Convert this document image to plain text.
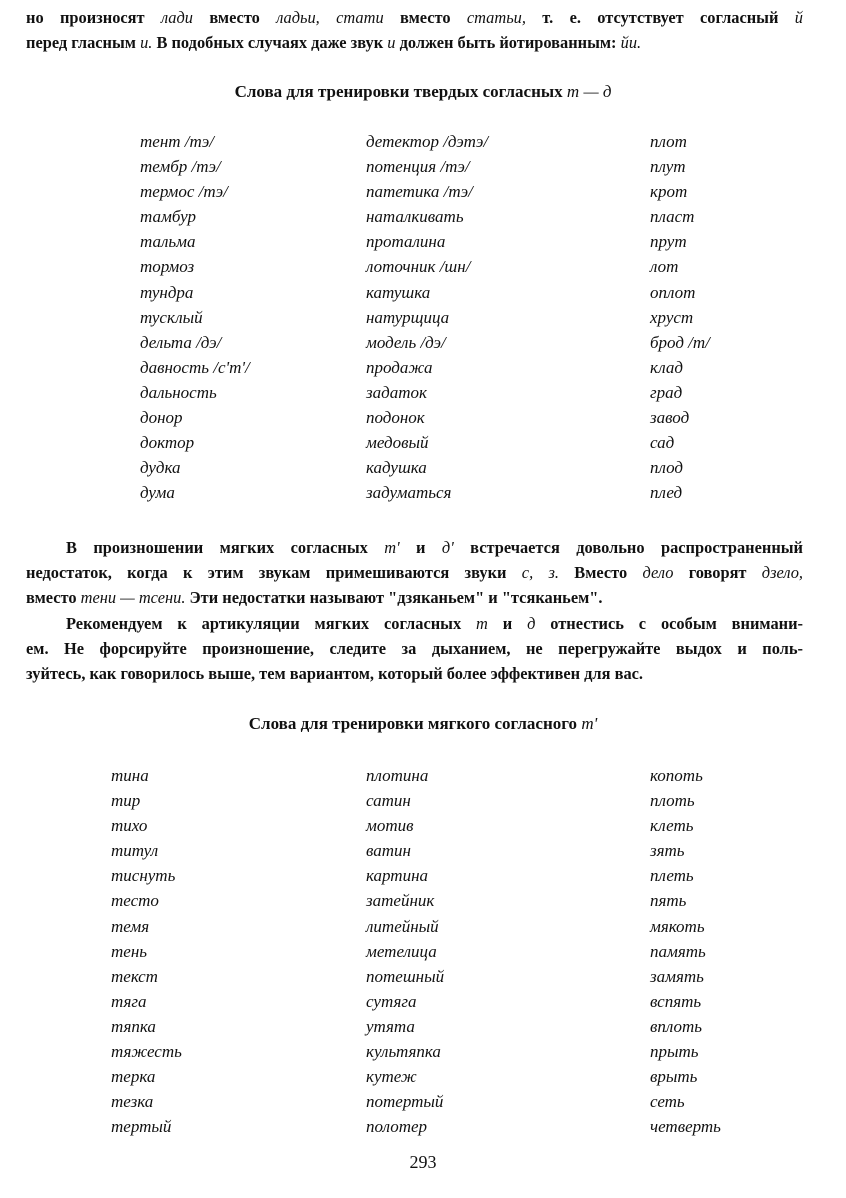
но произносят лади вместо ладьи, стати вместо статьи, т. е. отсутствует согласный й
перед гласным и. В подобных случаях даже звук и должен быть йотированным: йи.

Слова для тренировки твердых согласных т — д
тент /тэ/
тембр /тэ/
термос /тэ/
тамбур
тальма
тормоз
тундра
тусклый
дельта /дэ/
давность /с'т'/
дальность
донор
доктор
дудка
дума
детектор /дэтэ/
потенция /тэ/
патетика /тэ/
наталкивать
проталина
лоточник /шн/
катушка
натурщица
модель /дэ/
продажа
задаток
подонок
медовый
кадушка
задуматься
плот
плут
крот
пласт
прут
лот
оплот
хруст
брод /т/
клад
град
завод
сад
плод
плед

В произношении мягких согласных т' и д' встречается довольно распространенный
недостаток, когда к этим звукам примешиваются звуки с, з. Вместо дело говорят дзело,
вместо тени — тсени. Эти недостатки называют "дзяканьем" и "тсяканьем".

Рекомендуем к артикуляции мягких согласных т и д отнестись с особым внимани-
ем. Не форсируйте произношение, следите за дыханием, не перегружайте выдох и поль-
зуйтесь, как говорилось выше, тем вариантом, который более эффективен для вас.

Слова для тренировки мягкого согласного т'
тина
тир
тихо
титул
тиснуть
тесто
темя
тень
текст
тяга
тяпка
тяжесть
терка
тезка
тертый
плотина
сатин
мотив
ватин
картина
затейник
литейный
метелица
потешный
сутяга
утята
культяпка
кутеж
потертый
полотер
копоть
плоть
клеть
зять
плеть
пять
мякоть
память
замять
вспять
вплоть
прыть
врыть
сеть
четверть
293
